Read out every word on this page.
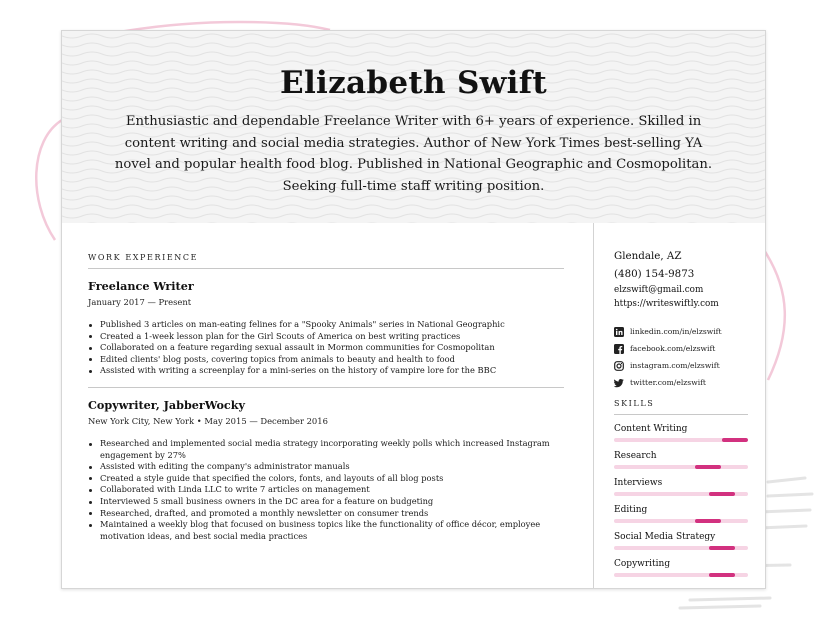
Elizabeth Swift
Enthusiastic and dependable Freelance Writer with 6+ years of experience. Skilled in content writing and social media strategies. Author of New York Times best-selling YA novel and popular health food blog. Published in National Geographic and Cosmopolitan. Seeking full-time staff writing position.
WORK EXPERIENCE
Freelance Writer
January 2017 — Present
Published 3 articles on man-eating felines for a "Spooky Animals" series in National Geographic
Created a 1-week lesson plan for the Girl Scouts of America on best writing practices
Collaborated on a feature regarding sexual assault in Mormon communities for Cosmopolitan
Edited clients' blog posts, covering topics from animals to beauty and health to food
Assisted with writing a screenplay for a mini-series on the history of vampire lore for the BBC
Copywriter, JabberWocky
New York City, New York • May 2015 — December 2016
Researched and implemented social media strategy incorporating weekly polls which increased Instagram engagement by 27%
Assisted with editing the company's administrator manuals
Created a style guide that specified the colors, fonts, and layouts of all blog posts
Collaborated with Linda LLC to write 7 articles on management
Interviewed 5 small business owners in the DC area for a feature on budgeting
Researched, drafted, and promoted a monthly newsletter on consumer trends
Maintained a weekly blog that focused on business topics like the functionality of office décor, employee motivation ideas, and best social media practices
Glendale, AZ
(480) 154-9873
elzswift@gmail.com
https://writeswiftly.com
linkedin.com/in/elzswift
facebook.com/elzswift
instagram.com/elzswift
twitter.com/elzswift
SKILLS
Content Writing
Research
Interviews
Editing
Social Media Strategy
Copywriting
